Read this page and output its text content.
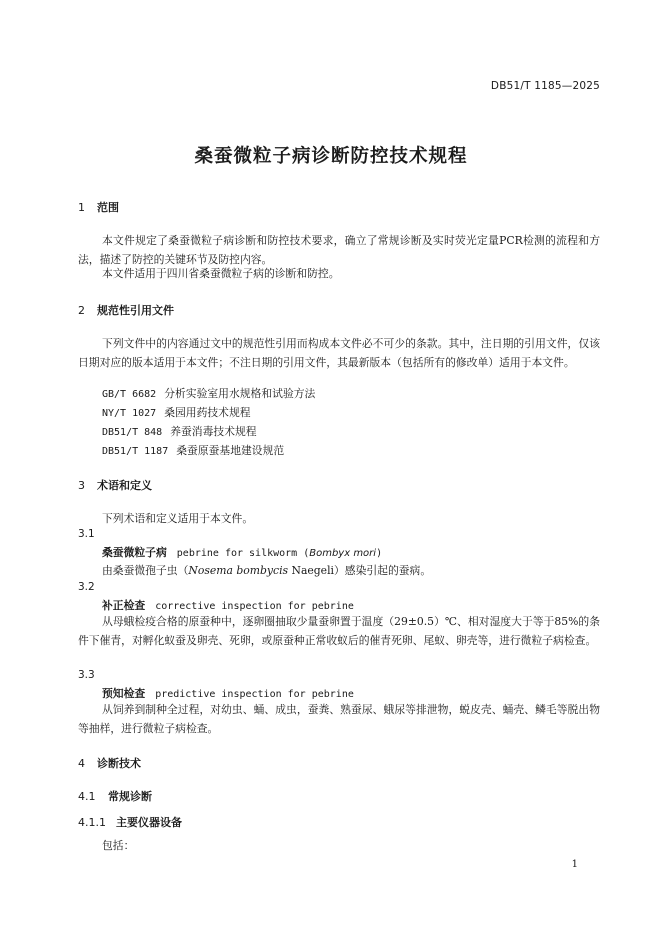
DB51/T 1185—2025
桑蚕微粒子病诊断防控技术规程
1 范围
本文件规定了桑蚕微粒子病诊断和防控技术要求，确立了常规诊断及实时荧光定量PCR检测的流程和方法，描述了防控的关键环节及防控内容。
本文件适用于四川省桑蚕微粒子病的诊断和防控。
2 规范性引用文件
下列文件中的内容通过文中的规范性引用而构成本文件必不可少的条款。其中，注日期的引用文件，仅该日期对应的版本适用于本文件；不注日期的引用文件，其最新版本（包括所有的修改单）适用于本文件。
GB/T 6682 分析实验室用水规格和试验方法
NY/T 1027 桑园用药技术规程
DB51/T 848 养蚕消毒技术规程
DB51/T 1187 桑蚕原蚕基地建设规范
3 术语和定义
下列术语和定义适用于本文件。
3.1
桑蚕微粒子病 pebrine for silkworm (Bombyx mori)
由桑蚕微孢子虫（Nosema bombycis Naegeli）感染引起的蚕病。
3.2
补正检查 corrective inspection for pebrine
从母蛾检疫合格的原蚕种中，逐卵圈抽取少量蚕卵置于温度（29±0.5）℃、相对湿度大于等于85%的条件下催青，对孵化蚁蚕及卵壳、死卵，或原蚕种正常收蚁后的催青死卵、尾蚁、卵壳等，进行微粒子病检查。
3.3
预知检查 predictive inspection for pebrine
从饲养到制种全过程，对幼虫、蛹、成虫，蚕粪、熟蚕尿、蛾尿等排泄物，蜕皮壳、蛹壳、鳞毛等脱出物等抽样，进行微粒子病检查。
4 诊断技术
4.1 常规诊断
4.1.1 主要仪器设备
包括：
1
